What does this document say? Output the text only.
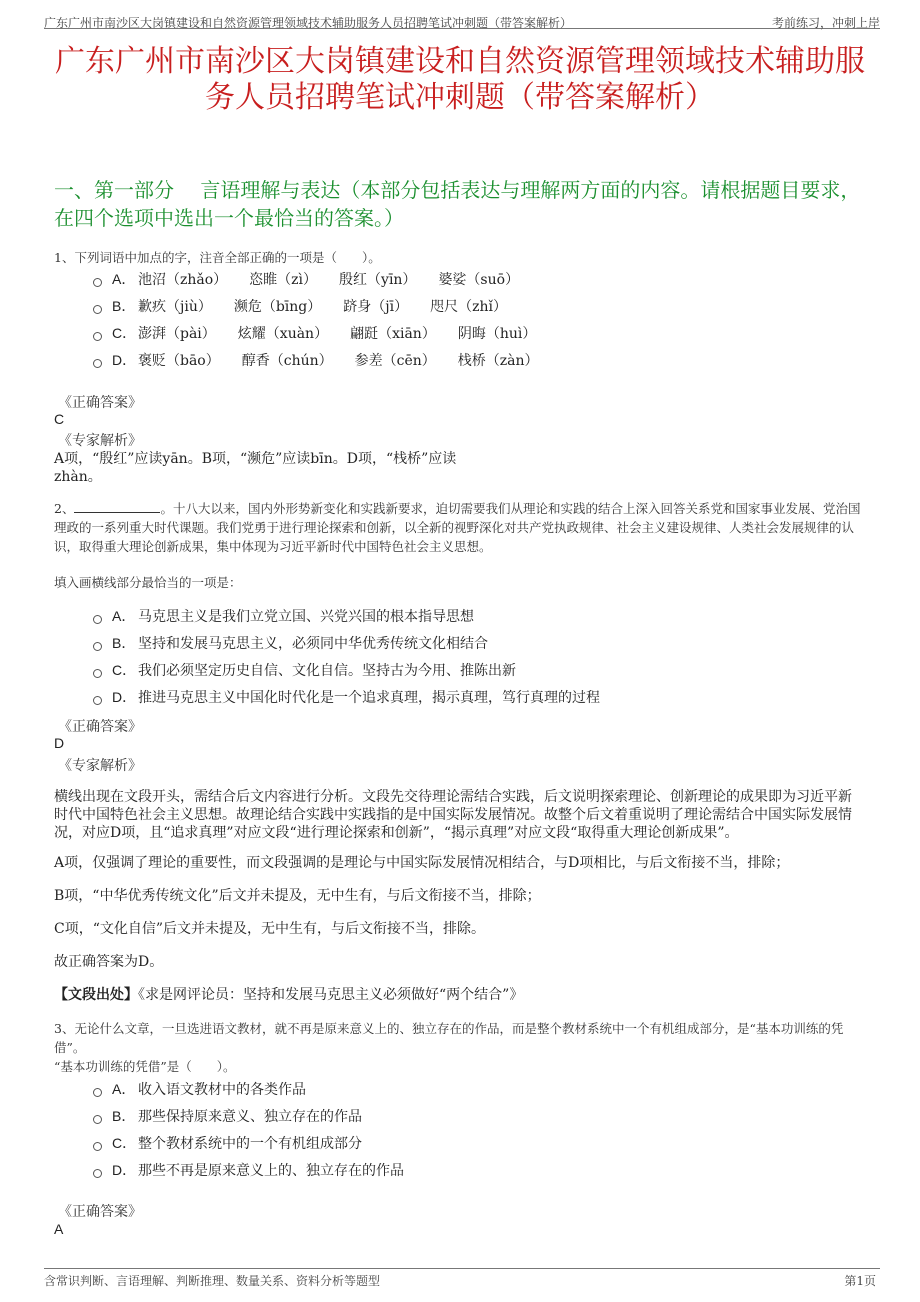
广东广州市南沙区大岗镇建设和自然资源管理领域技术辅助服务人员招聘笔试冲刺题（带答案解析）	考前练习，冲刺上岸
广东广州市南沙区大岗镇建设和自然资源管理领域技术辅助服
务人员招聘笔试冲刺题（带答案解析）
一、第一部分　 言语理解与表达（本部分包括表达与理解两方面的内容。请根据题目要求，在四个选项中选出一个最恰当的答案。）
1、下列词语中加点的字，注音全部正确的一项是（　　）。
A． 池沼（zhǎo） 恣睢（zì） 殷红（yīn） 婆娑（suō）
B． 歉疚（jiù） 濒危（bīng） 跻身（jī） 咫尺（zhǐ）
C． 澎湃（pài） 炫耀（xuàn） 翩跹（xiān） 阴晦（huì）
D． 褒贬（bāo） 醇香（chún） 参差（cēn） 栈桥（zàn）
《正确答案》
C
《专家解析》
A项，“殷红”应读yān。B项，“濒危”应读bīn。D项，“栈桥”应读
zhàn。
2、	。十八大以来，国内外形势新变化和实践新要求，迫切需要我们从理论和实践的结合上深入回答关系党和国家事业发展、党治国理政的一系列重大时代课题。我们党勇于进行理论探索和创新，以全新的视野深化对共产党执政规律、社会主义建设规律、人类社会发展规律的认识，取得重大理论创新成果，集中体现为习近平新时代中国特色社会主义思想。
填入画横线部分最恰当的一项是：
A． 马克思主义是我们立党立国、兴党兴国的根本指导思想
B． 坚持和发展马克思主义，必须同中华优秀传统文化相结合
C． 我们必须坚定历史自信、文化自信。坚持古为今用、推陈出新
D． 推进马克思主义中国化时代化是一个追求真理，揭示真理，笃行真理的过程
《正确答案》
D
《专家解析》
横线出现在文段开头，需结合后文内容进行分析。文段先交待理论需结合实践，后文说明探索理论、创新理论的成果即为习近平新时代中国特色社会主义思想。故理论结合实践中实践指的是中国实际发展情况。故整个后文着重说明了理论需结合中国实际发展情况，对应D项，且“追求真理”对应文段“进行理论探索和创新”，“揭示真理”对应文段“取得重大理论创新成果”。
A项，仅强调了理论的重要性，而文段强调的是理论与中国实际发展情况相结合，与D项相比，与后文衔接不当，排除；
B项，“中华优秀传统文化”后文并未提及，无中生有，与后文衔接不当，排除；
C项，“文化自信”后文并未提及，无中生有，与后文衔接不当，排除。
故正确答案为D。
【文段出处】《求是网评论员：坚持和发展马克思主义必须做好“两个结合”》
3、无论什么文章，一旦选进语文教材，就不再是原来意义上的、独立存在的作品，而是整个教材系统中一个有机组成部分，是“基本功训练的凭借”。
“基本功训练的凭借”是（　　）。
A． 收入语文教材中的各类作品
B． 那些保持原来意义、独立存在的作品
C． 整个教材系统中的一个有机组成部分
D． 那些不再是原来意义上的、独立存在的作品
《正确答案》
A
含常识判断、言语理解、判断推理、数量关系、资料分析等题型	第1页
